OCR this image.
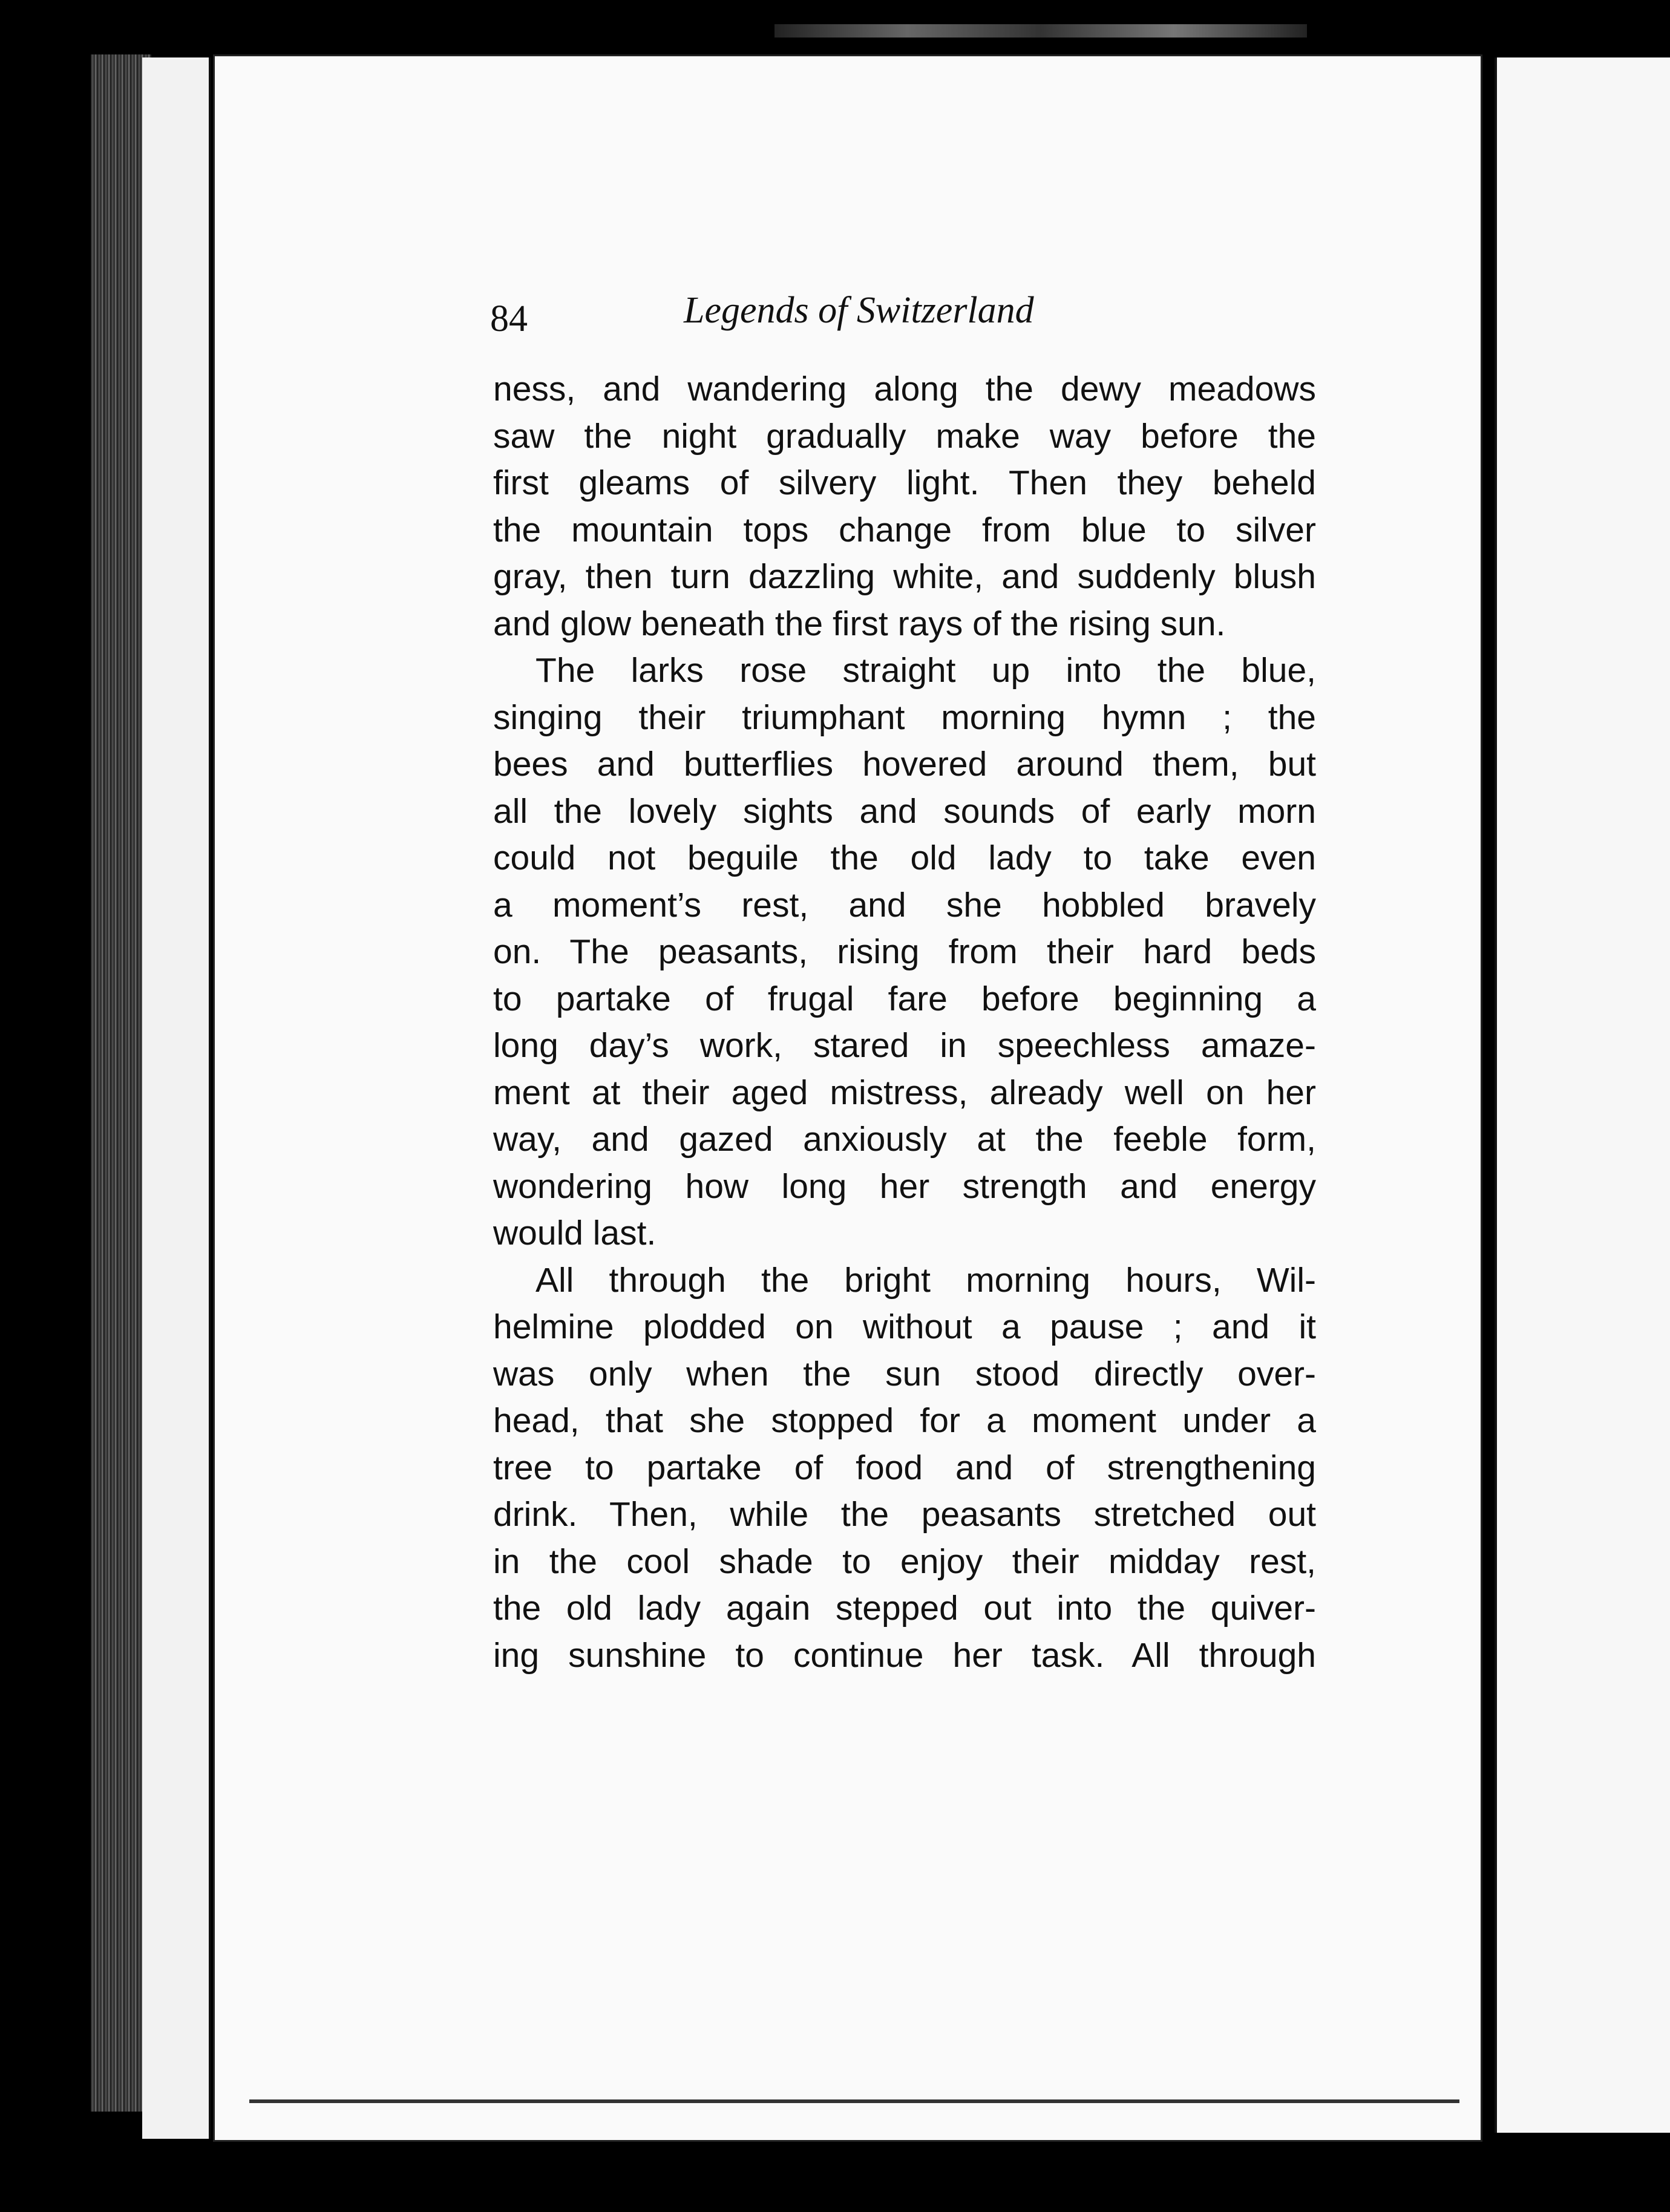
84	Legends of Switzerland
ness, and wandering along the dewy meadows
saw the night gradually make way before the
first gleams of silvery light. Then they beheld
the mountain tops change from blue to silver
gray, then turn dazzling white, and suddenly blush
and glow beneath the first rays of the rising sun.
The larks rose straight up into the blue,
singing their triumphant morning hymn ; the
bees and butterflies hovered around them, but
all the lovely sights and sounds of early morn
could not beguile the old lady to take even
a moment’s rest, and she hobbled bravely
on. The peasants, rising from their hard beds
to partake of frugal fare before beginning a
long day’s work, stared in speechless amaze-
ment at their aged mistress, already well on her
way, and gazed anxiously at the feeble form,
wondering how long her strength and energy
would last.
All through the bright morning hours, Wil-
helmine plodded on without a pause ; and it
was only when the sun stood directly over-
head, that she stopped for a moment under a
tree to partake of food and of strengthening
drink. Then, while the peasants stretched out
in the cool shade to enjoy their midday rest,
the old lady again stepped out into the quiver-
ing sunshine to continue her task. All through
